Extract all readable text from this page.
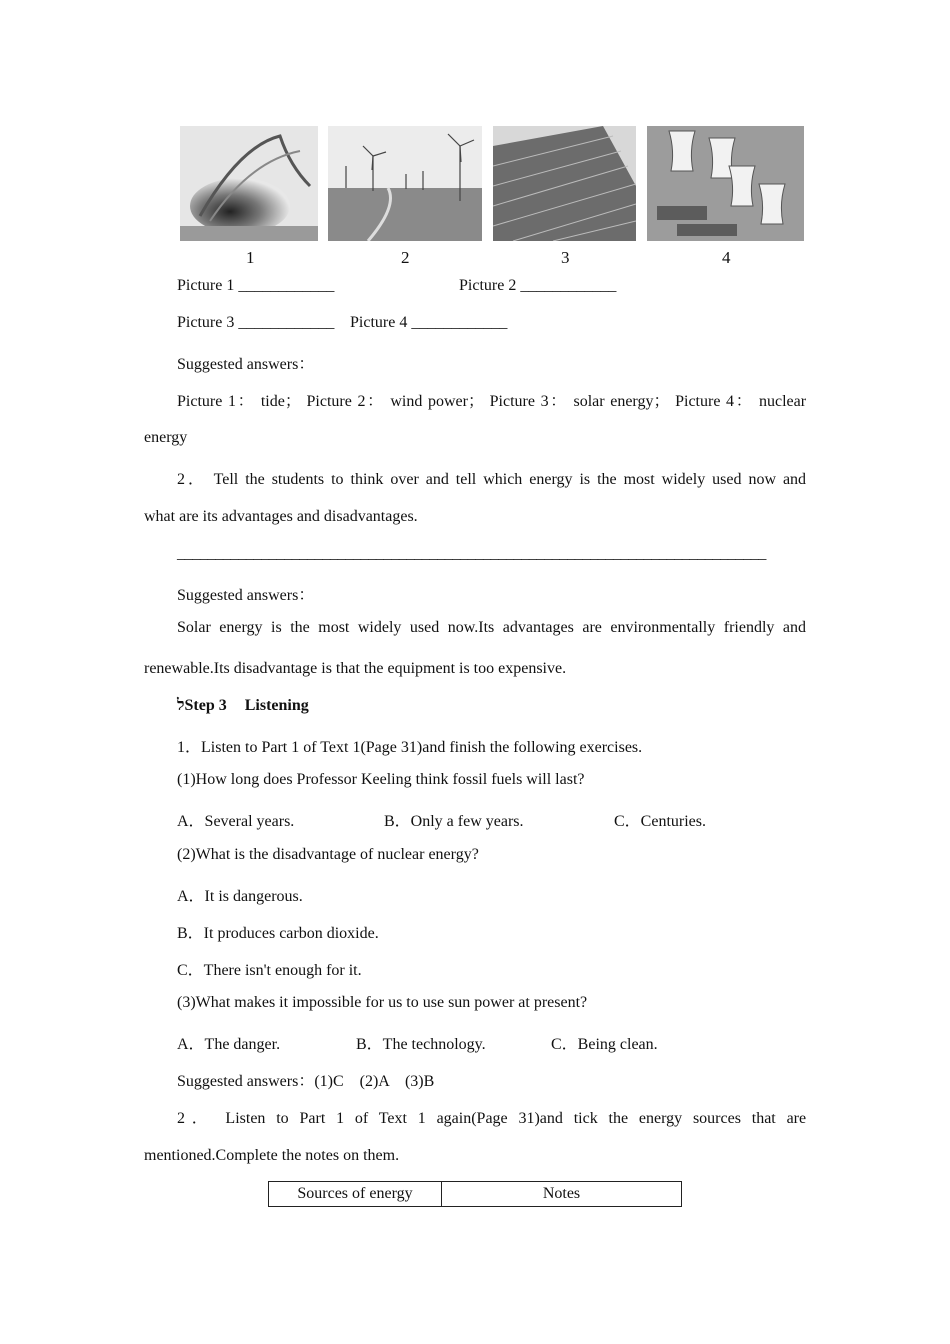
1	2	3	4
Picture 1 ____________	Picture 2 ____________
Picture 3 ____________ Picture 4 ____________
Suggested answers：
Picture 1： tide； Picture 2： wind power； Picture 3： solar energy； Picture 4： nuclear
energy
2． Tell the students to think over and tell which energy is the most widely used now and
what are its advantages and disadvantages.
_____________________________________________________________________________
Suggested answers：
Solar energy is the most widely used now.Its advantages are environmentally friendly and
renewable.Its disadvantage is that the equipment is too expensive.
לStep 3 Listening
1．Listen to Part 1 of Text 1(Page 31)and finish the following exercises.
(1)How long does Professor Keeling think fossil fuels will last?
A．Several years.	B．Only a few years.	C．Centuries.
(2)What is the disadvantage of nuclear energy?
A．It is dangerous.
B．It produces carbon dioxide.
C．There isn't enough for it.
(3)What makes it impossible for us to use sun power at present?
A．The danger.	B．The technology.	C．Being clean.
Suggested answers：(1)C　(2)A　(3)B
2． Listen to Part 1 of Text 1 again(Page 31)and tick the energy sources that are
mentioned.Complete the notes on them.
Sources of energy	Notes
